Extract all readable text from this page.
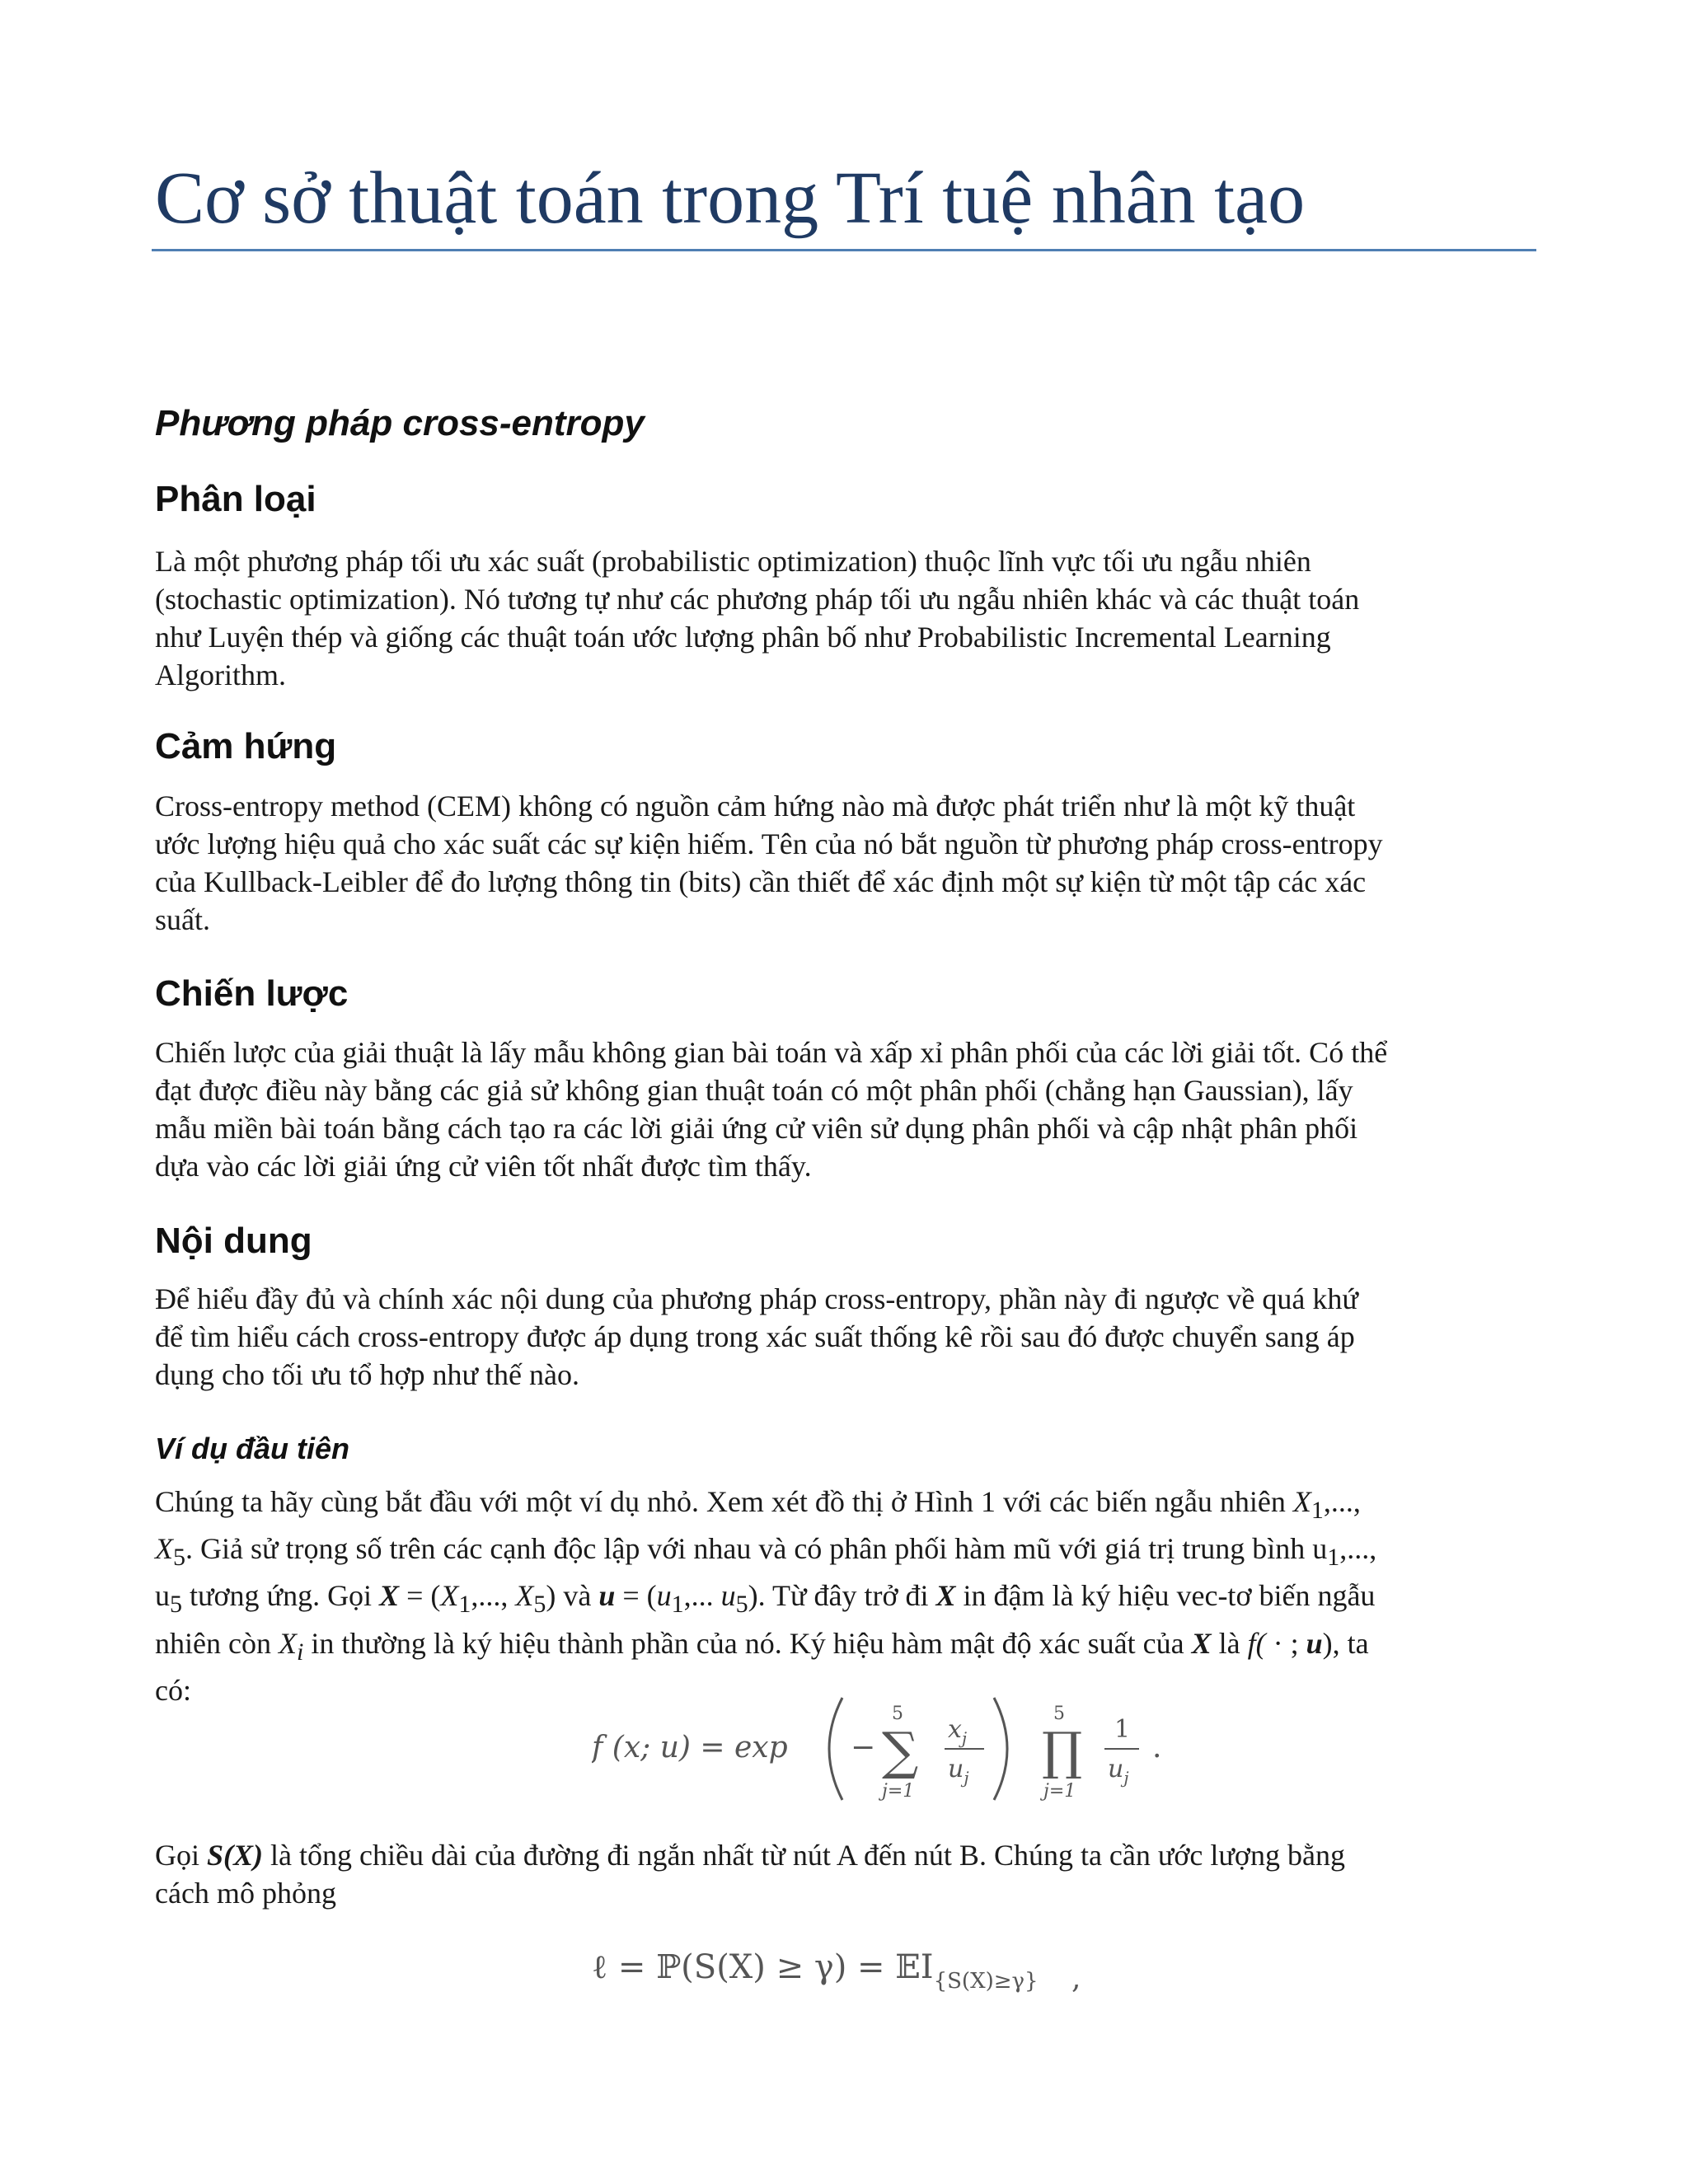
Cơ sở thuật toán trong Trí tuệ nhân tạo
Phương pháp cross-entropy
Phân loại

Là một phương pháp tối ưu xác suất (probabilistic optimization) thuộc lĩnh vực tối ưu ngẫu nhiên
(stochastic optimization). Nó tương tự như các phương pháp tối ưu ngẫu nhiên khác và các thuật toán
như Luyện thép và giống các thuật toán ước lượng phân bố như Probabilistic Incremental Learning
Algorithm.

Cảm hứng

Cross-entropy method (CEM) không có nguồn cảm hứng nào mà được phát triển như là một kỹ thuật
ước lượng hiệu quả cho xác suất các sự kiện hiếm. Tên của nó bắt nguồn từ phương pháp cross-entropy
của Kullback-Leibler để đo lượng thông tin (bits) cần thiết để xác định một sự kiện từ một tập các xác
suất.

Chiến lược

Chiến lược của giải thuật là lấy mẫu không gian bài toán và xấp xỉ phân phối của các lời giải tốt. Có thể
đạt được điều này bằng các giả sử không gian thuật toán có một phân phối (chẳng hạn Gaussian), lấy
mẫu miền bài toán bằng cách tạo ra các lời giải ứng cử viên sử dụng phân phối và cập nhật phân phối
dựa vào các lời giải ứng cử viên tốt nhất được tìm thấy.

Nội dung

Để hiểu đầy đủ và chính xác nội dung của phương pháp cross-entropy, phần này đi ngược về quá khứ
để tìm hiểu cách cross-entropy được áp dụng trong xác suất thống kê rồi sau đó được chuyển sang áp
dụng cho tối ưu tổ hợp như thế nào.

Ví dụ đầu tiên

Chúng ta hãy cùng bắt đầu với một ví dụ nhỏ. Xem xét đồ thị ở Hình 1 với các biến ngẫu nhiên $X_1$,...,
$X_5$. Giả sử trọng số trên các cạnh độc lập với nhau và có phân phối hàm mũ với giá trị trung bình $u_1$,...,
$u_5$ tương ứng. Gọi $X = (X_1$,..., $X_5$) và $u = (u_1$,... $u_5$). Từ đây trở đi X in đậm là ký hiệu vec-tơ biến ngẫu
nhiên còn $X_i$ in thường là ký hiệu thành phần của nó. Ký hiệu hàm mật độ xác suất của X là f( · ; u), ta
có:

f (x; u) = exp − ∑
5
j=1
$x_j$
$u_j$ ∏
5
j=1
1
$u_j$
.

Gọi S(X) là tổng chiều dài của đường đi ngắn nhất từ nút A đến nút B. Chúng ta cần ước lượng bằng
cách mô phỏng

ℓ = ℙ(S(X) ≥ γ) = 𝔼I$_{\{S(X)\ge\gamma\}}$ ,
